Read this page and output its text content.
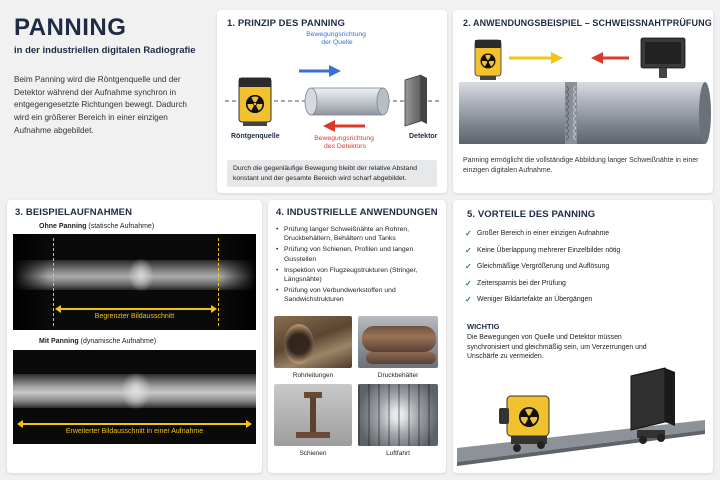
PANNING
in der industriellen digitalen Radiografie
Beim Panning wird die Röntgenquelle und der Detektor während der Aufnahme synchron in entgegengesetzte Richtungen bewegt. Dadurch wird ein größerer Bereich in einer einzigen Aufnahme abgebildet.
1. PRINZIP DES PANNING
Bewegungsrichtung der Quelle
Bewegungsrichtung des Detektors
Röntgenquelle	Detektor
Durch die gegenläufige Bewegung bleibt der relative Abstand konstant und der gesamte Bereich wird scharf abgebildet.
2. ANWENDUNGSBEISPIEL – SCHWEISSNAHTPRÜFUNG
Panning ermöglicht die vollständige Abbildung langer Schweißnähte in einer einzigen digitalen Aufnahme.
3. BEISPIELAUFNAHMEN
Ohne Panning (statische Aufnahme)
Begrenzter Bildausschnitt
Mit Panning (dynamische Aufnahme)
Erweiterter Bildausschnitt in einer Aufnahme
4. INDUSTRIELLE ANWENDUNGEN
• Prüfung langer Schweißnähte an Rohren, Druckbehältern, Behältern und Tanks
• Prüfung von Schienen, Profilen und langen Gussteilen
• Inspektion von Flugzeugstrukturen (Stringer, Längsnähte)
• Prüfung von Verbundwerkstoffen und Sandwichstrukturen
Rohrleitungen	Druckbehälter
Schienen	Luftfahrt
5. VORTEILE DES PANNING
✓ Großer Bereich in einer einzigen Aufnahme
✓ Keine Überlappung mehrerer Einzelbilder nötig
✓ Gleichmäßige Vergrößerung und Auflösung
✓ Zeitersparnis bei der Prüfung
✓ Weniger Bildartefakte an Übergängen
WICHTIG
Die Bewegungen von Quelle und Detektor müssen synchronisiert und gleichmäßig sein, um Verzerrungen und Unschärfe zu vermeiden.
